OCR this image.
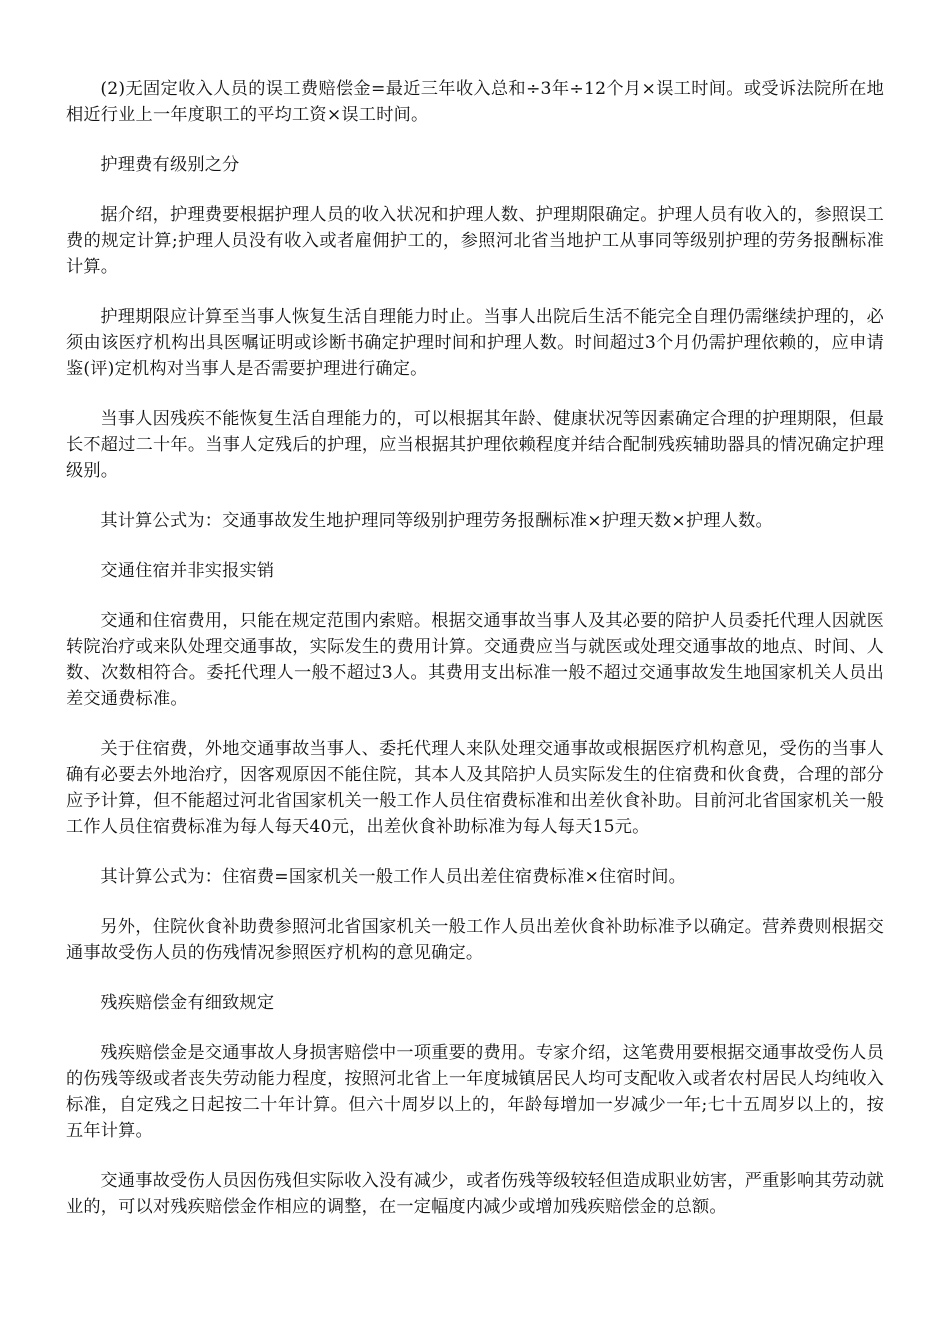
(2)无固定收入人员的误工费赔偿金=最近三年收入总和÷3年÷12个月×误工时间。或受诉法院所在地相近行业上一年度职工的平均工资×误工时间。

护理费有级别之分

据介绍，护理费要根据护理人员的收入状况和护理人数、护理期限确定。护理人员有收入的，参照误工费的规定计算;护理人员没有收入或者雇佣护工的，参照河北省当地护工从事同等级别护理的劳务报酬标准计算。

护理期限应计算至当事人恢复生活自理能力时止。当事人出院后生活不能完全自理仍需继续护理的，必须由该医疗机构出具医嘱证明或诊断书确定护理时间和护理人数。时间超过3个月仍需护理依赖的，应申请鉴(评)定机构对当事人是否需要护理进行确定。

当事人因残疾不能恢复生活自理能力的，可以根据其年龄、健康状况等因素确定合理的护理期限，但最长不超过二十年。当事人定残后的护理，应当根据其护理依赖程度并结合配制残疾辅助器具的情况确定护理级别。

其计算公式为：交通事故发生地护理同等级别护理劳务报酬标准×护理天数×护理人数。

交通住宿并非实报实销

交通和住宿费用，只能在规定范围内索赔。根据交通事故当事人及其必要的陪护人员委托代理人因就医转院治疗或来队处理交通事故，实际发生的费用计算。交通费应当与就医或处理交通事故的地点、时间、人数、次数相符合。委托代理人一般不超过3人。其费用支出标准一般不超过交通事故发生地国家机关人员出差交通费标准。

关于住宿费，外地交通事故当事人、委托代理人来队处理交通事故或根据医疗机构意见，受伤的当事人确有必要去外地治疗，因客观原因不能住院，其本人及其陪护人员实际发生的住宿费和伙食费，合理的部分应予计算，但不能超过河北省国家机关一般工作人员住宿费标准和出差伙食补助。目前河北省国家机关一般工作人员住宿费标准为每人每天40元，出差伙食补助标准为每人每天15元。

其计算公式为：住宿费=国家机关一般工作人员出差住宿费标准×住宿时间。

另外，住院伙食补助费参照河北省国家机关一般工作人员出差伙食补助标准予以确定。营养费则根据交通事故受伤人员的伤残情况参照医疗机构的意见确定。

残疾赔偿金有细致规定

残疾赔偿金是交通事故人身损害赔偿中一项重要的费用。专家介绍，这笔费用要根据交通事故受伤人员的伤残等级或者丧失劳动能力程度，按照河北省上一年度城镇居民人均可支配收入或者农村居民人均纯收入标准，自定残之日起按二十年计算。但六十周岁以上的，年龄每增加一岁减少一年;七十五周岁以上的，按五年计算。

交通事故受伤人员因伤残但实际收入没有减少，或者伤残等级较轻但造成职业妨害，严重影响其劳动就业的，可以对残疾赔偿金作相应的调整，在一定幅度内减少或增加残疾赔偿金的总额。
